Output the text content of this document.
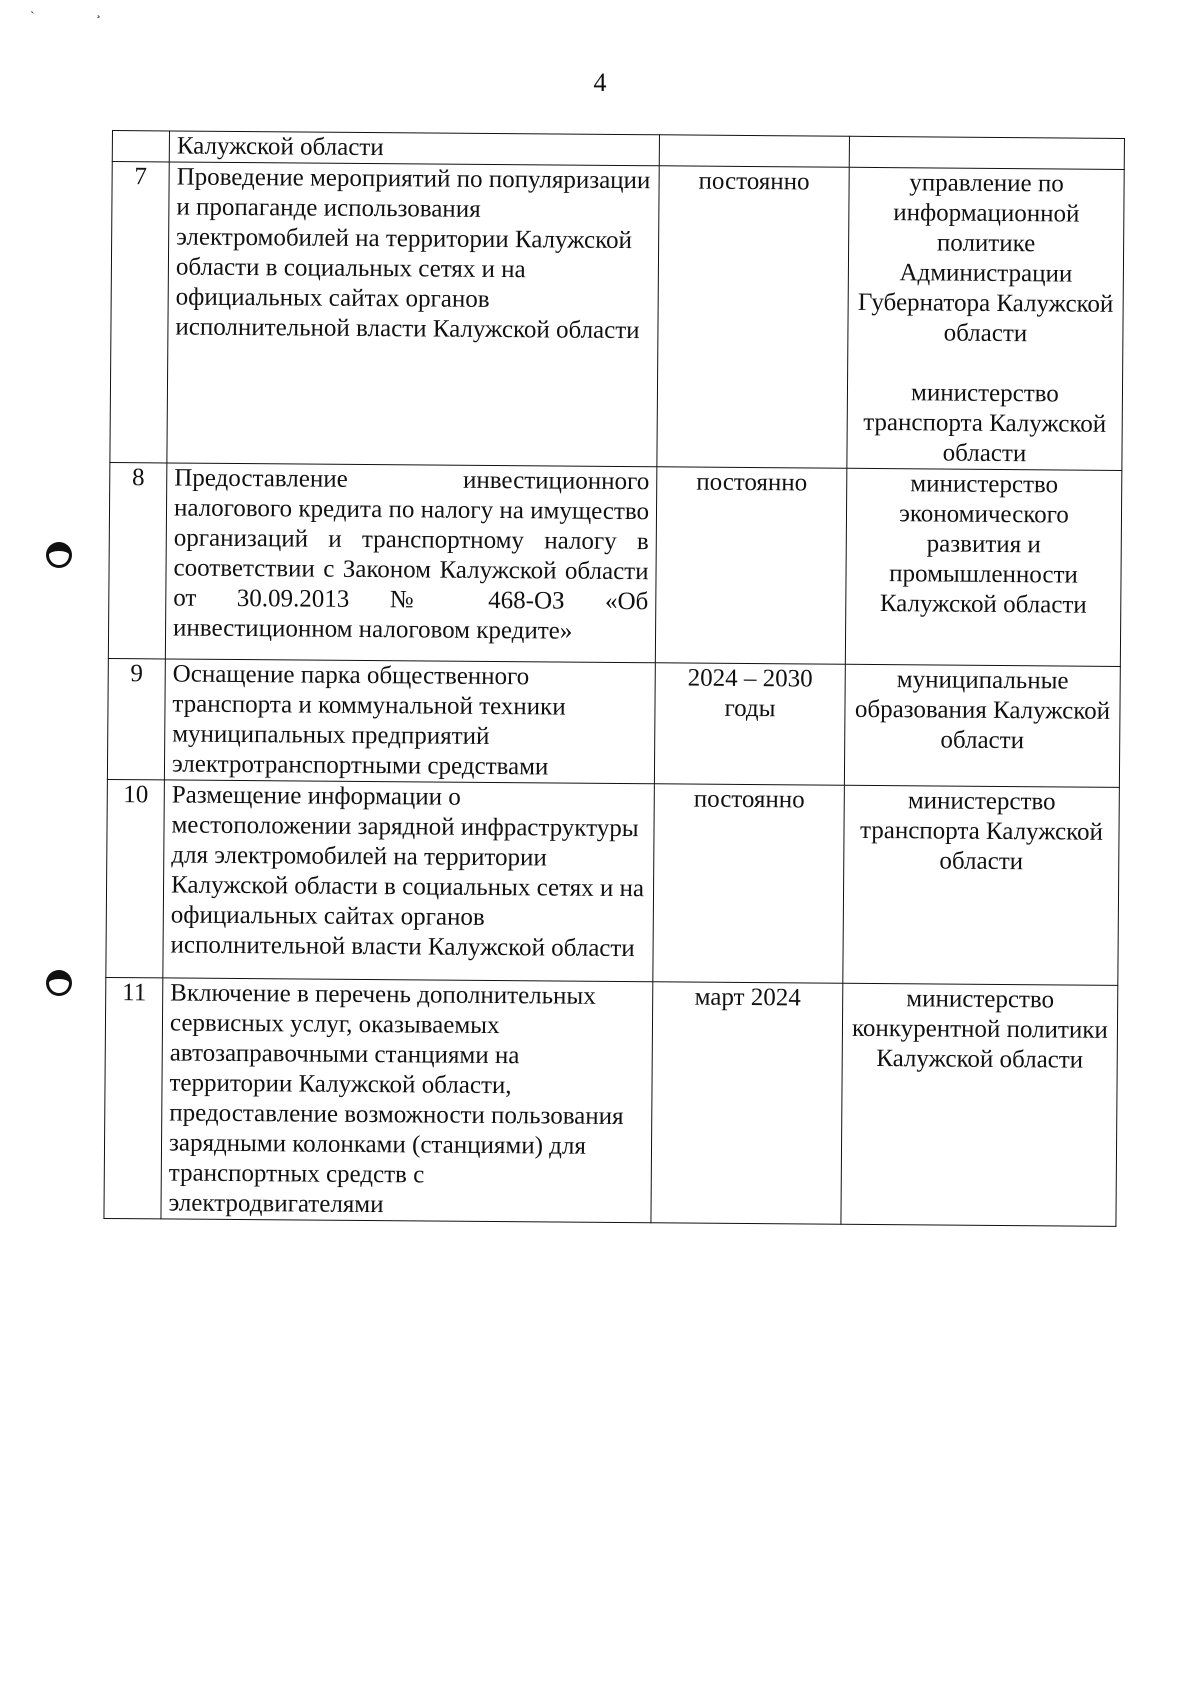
`	¸
4
	Калужской области		
7	Проведение мероприятий по популяризации и пропаганде использования электромобилей на территории Калужской области в социальных сетях и на официальных сайтах органов исполнительной власти Калужской области	постоянно	управление по информационной политике Администрации Губернатора Калужской области
министерство транспорта Калужской области

8	Предоставление инвестиционного налогового кредита по налогу на имущество организаций и транспортному налогу в соответствии с Законом Калужской области от 30.09.2013 № 468-ОЗ «Об инвестиционном налоговом кредите»	постоянно	министерство экономического развития и промышленности Калужской области

9	Оснащение парка общественного транспорта и коммунальной техники муниципальных предприятий электротранспортными средствами	2024 – 2030 годы	муниципальные образования Калужской области

10	Размещение информации о местоположении зарядной инфраструктуры для электромобилей на территории Калужской области в социальных сетях и на официальных сайтах органов исполнительной власти Калужской области	постоянно	министерство транспорта Калужской области

11	Включение в перечень дополнительных сервисных услуг, оказываемых автозаправочными станциями на территории Калужской области, предоставление возможности пользования зарядными колонками (станциями) для транспортных средств с электродвигателями	март 2024	министерство конкурентной политики Калужской области
